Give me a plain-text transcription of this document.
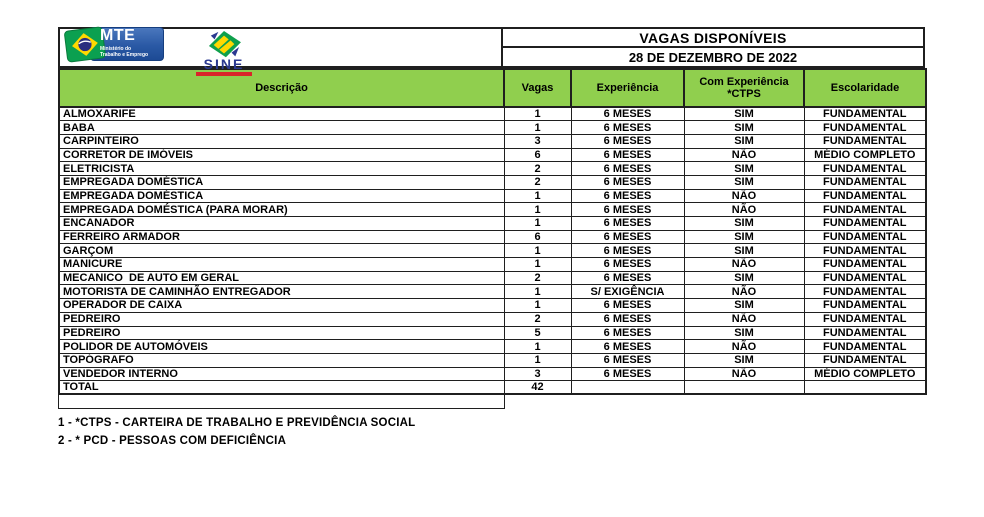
MTE
Ministério do
Trabalho e Emprego
SINE
VAGAS DISPONÍVEIS
28 DE DEZEMBRO DE 2022
Descrição	Vagas	Experiência	Com Experiência *CTPS	Escolaridade
ALMOXARIFE	1	6 MESES	SIM	FUNDAMENTAL
BABA	1	6 MESES	SIM	FUNDAMENTAL
CARPINTEIRO	3	6 MESES	SIM	FUNDAMENTAL
CORRETOR DE IMÓVEIS	6	6 MESES	NÃO	MÉDIO COMPLETO
ELETRICISTA	2	6 MESES	SIM	FUNDAMENTAL
EMPREGADA DOMÉSTICA	2	6 MESES	SIM	FUNDAMENTAL
EMPREGADA DOMÉSTICA	1	6 MESES	NÃO	FUNDAMENTAL
EMPREGADA DOMÉSTICA (PARA MORAR)	1	6 MESES	NÃO	FUNDAMENTAL
ENCANADOR	1	6 MESES	SIM	FUNDAMENTAL
FERREIRO ARMADOR	6	6 MESES	SIM	FUNDAMENTAL
GARÇOM	1	6 MESES	SIM	FUNDAMENTAL
MANICURE	1	6 MESES	NÃO	FUNDAMENTAL
MECANICO  DE AUTO EM GERAL	2	6 MESES	SIM	FUNDAMENTAL
MOTORISTA DE CAMINHÃO ENTREGADOR	1	S/ EXIGÊNCIA	NÃO	FUNDAMENTAL
OPERADOR DE CAIXA	1	6 MESES	SIM	FUNDAMENTAL
PEDREIRO	2	6 MESES	NÃO	FUNDAMENTAL
PEDREIRO	5	6 MESES	SIM	FUNDAMENTAL
POLIDOR DE AUTOMÓVEIS	1	6 MESES	NÃO	FUNDAMENTAL
TOPÓGRAFO	1	6 MESES	SIM	FUNDAMENTAL
VENDEDOR INTERNO	3	6 MESES	NÃO	MÉDIO COMPLETO
TOTAL	42			
1 - *CTPS - CARTEIRA DE TRABALHO E PREVIDÊNCIA SOCIAL
2 - * PCD - PESSOAS COM DEFICIÊNCIA
